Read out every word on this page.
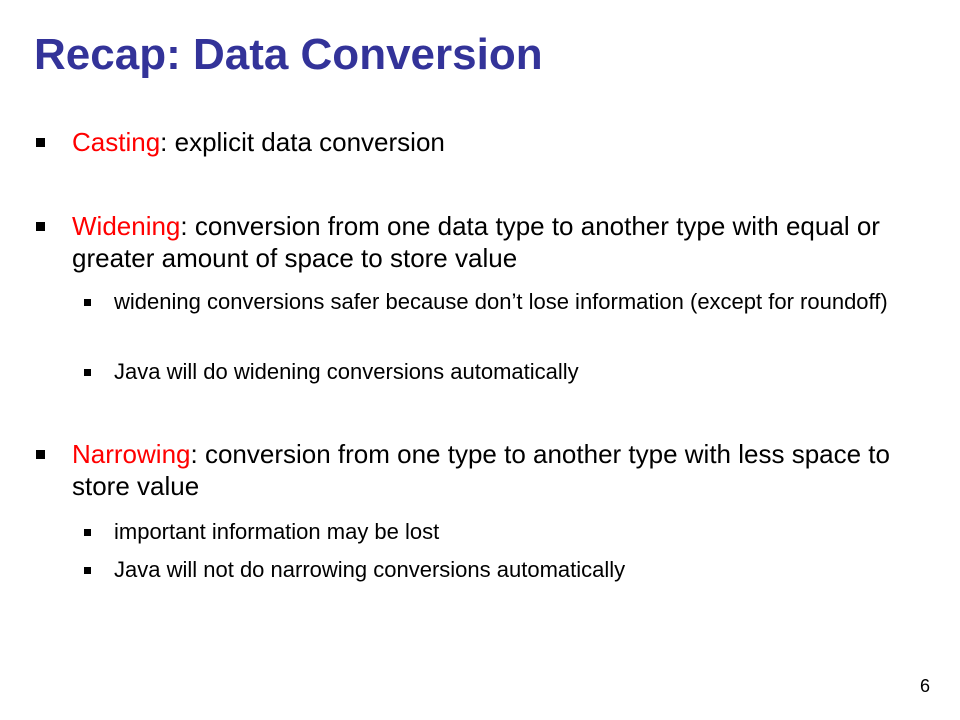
Recap: Data Conversion
Casting: explicit data conversion
Widening: conversion from one data type to another type with equal or greater amount of space to store value
widening conversions safer because don’t lose information (except for roundoff)
Java will do widening conversions automatically
Narrowing: conversion from one type to another type with less space to store value
important information may be lost
Java will not do narrowing conversions automatically
6
